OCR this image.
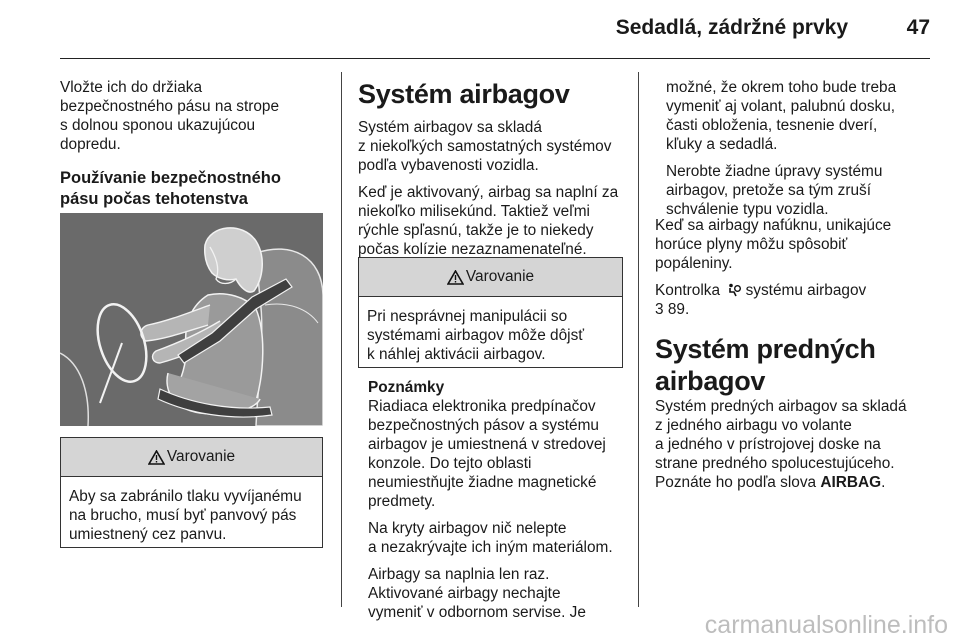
Sedadlá, zádržné prvky	47

Vložte ich do držiaka
bezpečnostného pásu na strope
s dolnou sponou ukazujúcou
dopredu.

Používanie bezpečnostného
pásu počas tehotenstva

Varovanie
Aby sa zabránilo tlaku vyvíjanému
na brucho, musí byť panvový pás
umiestnený cez panvu.

Systém airbagov

Systém airbagov sa skladá
z niekoľkých samostatných systémov
podľa vybavenosti vozidla.

Keď je aktivovaný, airbag sa naplní za
niekoľko milisekúnd. Taktiež veľmi
rýchle spľasnú, takže je to niekedy
počas kolízie nezaznamenateľné.

Varovanie
Pri nesprávnej manipulácii so
systémami airbagov môže dôjsť
k náhlej aktivácii airbagov.

Poznámky

Riadiaca elektronika predpínačov
bezpečnostných pásov a systému
airbagov je umiestnená v stredovej
konzole. Do tejto oblasti
neumiestňujte žiadne magnetické
predmety.

Na kryty airbagov nič nelepte
a nezakrývajte ich iným materiálom.

Airbagy sa naplnia len raz.
Aktivované airbagy nechajte
vymeniť v odbornom servise. Je

možné, že okrem toho bude treba
vymeniť aj volant, palubnú dosku,
časti obloženia, tesnenie dverí,
kľuky a sedadlá.

Nerobte žiadne úpravy systému
airbagov, pretože sa tým zruší
schválenie typu vozidla.

Keď sa airbagy nafúknu, unikajúce
horúce plyny môžu spôsobiť
popáleniny.

Kontrolka  systému airbagov

3 89.

Systém predných airbagov

Systém predných airbagov sa skladá
z jedného airbagu vo volante
a jedného v prístrojovej doske na
strane predného spolucestujúceho.
Poznáte ho podľa slova AIRBAG.

carmanualsonline.info
